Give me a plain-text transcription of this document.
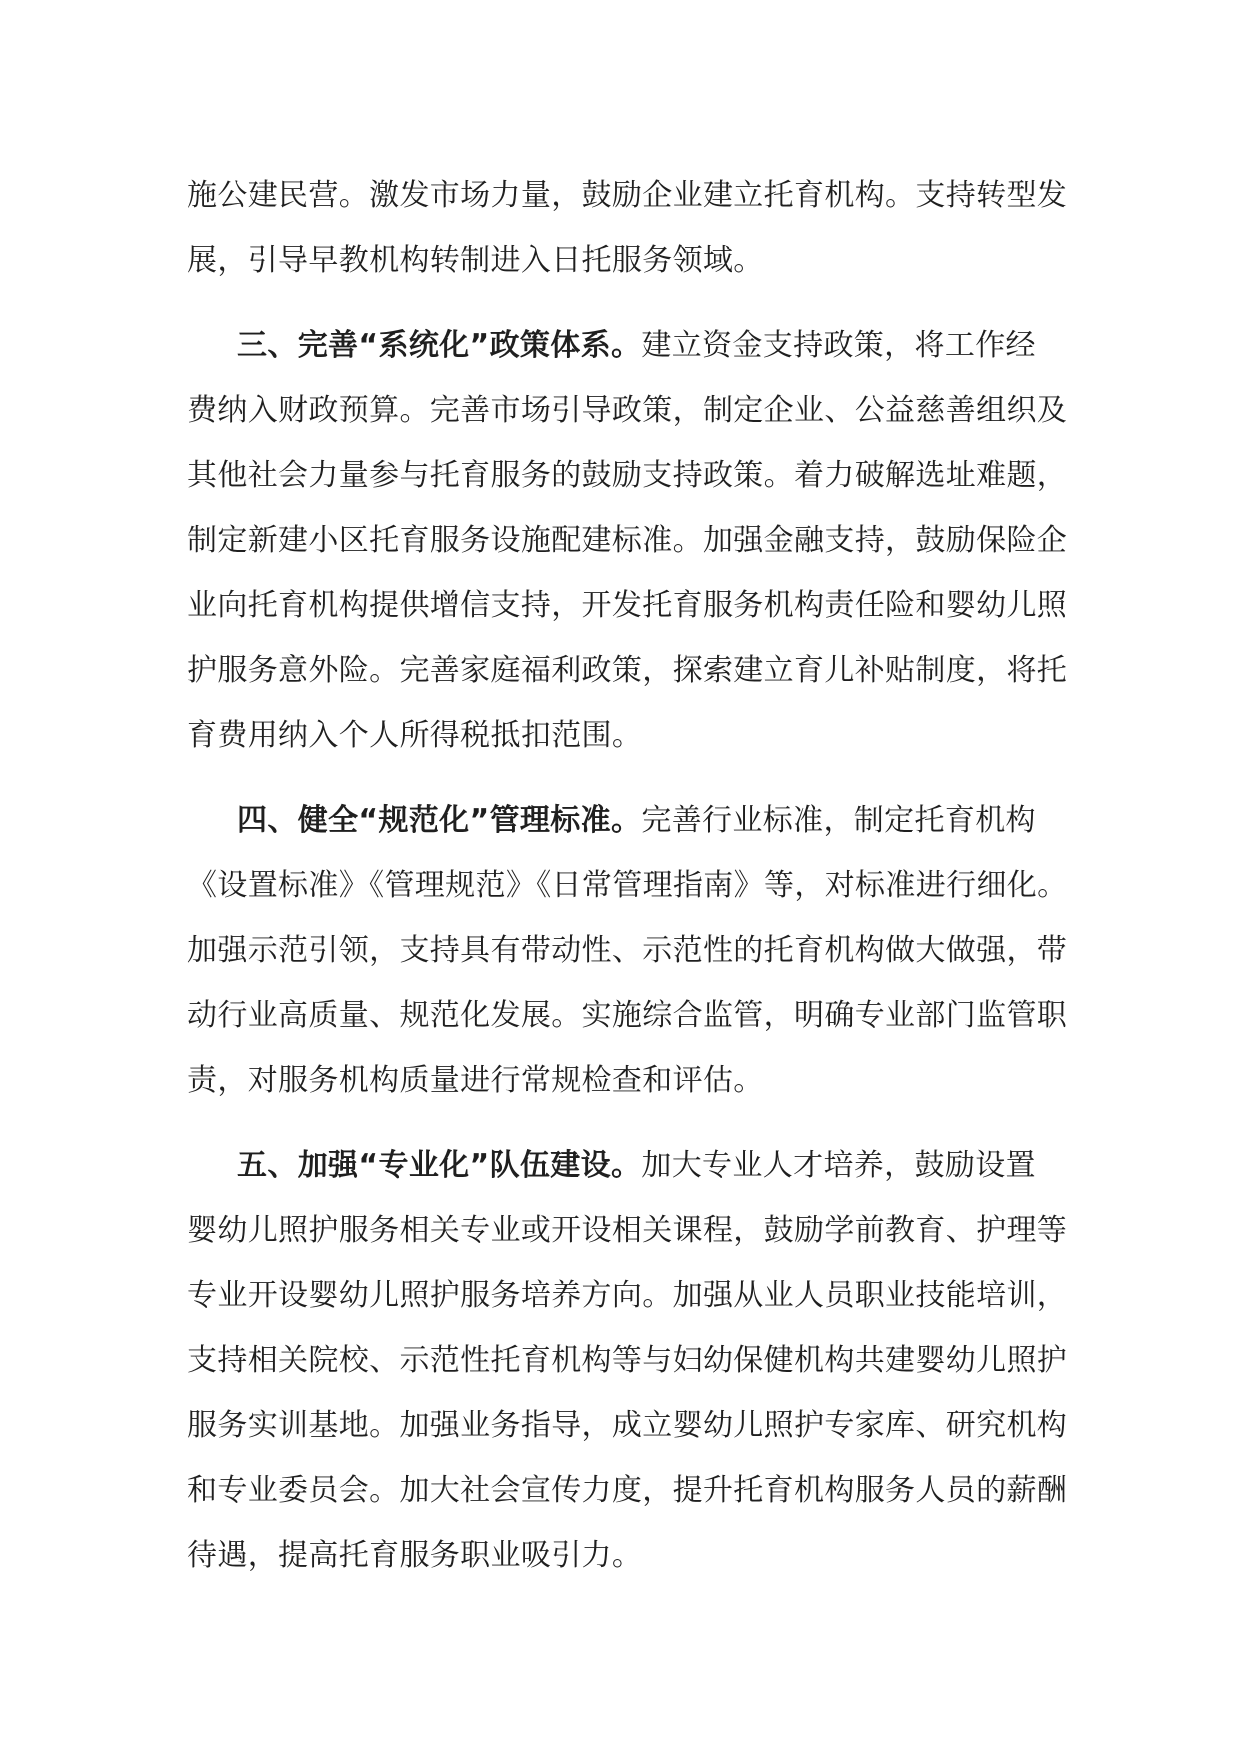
施公建民营。激发市场力量，鼓励企业建立托育机构。支持转型发
展，引导早教机构转制进入日托服务领域。
三、完善“系统化”政策体系。建立资金支持政策，将工作经
费纳入财政预算。完善市场引导政策，制定企业、公益慈善组织及
其他社会力量参与托育服务的鼓励支持政策。着力破解选址难题，
制定新建小区托育服务设施配建标准。加强金融支持，鼓励保险企
业向托育机构提供增信支持，开发托育服务机构责任险和婴幼儿照
护服务意外险。完善家庭福利政策，探索建立育儿补贴制度，将托
育费用纳入个人所得税抵扣范围。
四、健全“规范化”管理标准。完善行业标准，制定托育机构
《设置标准》《管理规范》《日常管理指南》等，对标准进行细化。
加强示范引领，支持具有带动性、示范性的托育机构做大做强，带
动行业高质量、规范化发展。实施综合监管，明确专业部门监管职
责，对服务机构质量进行常规检查和评估。
五、加强“专业化”队伍建设。加大专业人才培养，鼓励设置
婴幼儿照护服务相关专业或开设相关课程，鼓励学前教育、护理等
专业开设婴幼儿照护服务培养方向。加强从业人员职业技能培训，
支持相关院校、示范性托育机构等与妇幼保健机构共建婴幼儿照护
服务实训基地。加强业务指导，成立婴幼儿照护专家库、研究机构
和专业委员会。加大社会宣传力度，提升托育机构服务人员的薪酬
待遇，提高托育服务职业吸引力。
